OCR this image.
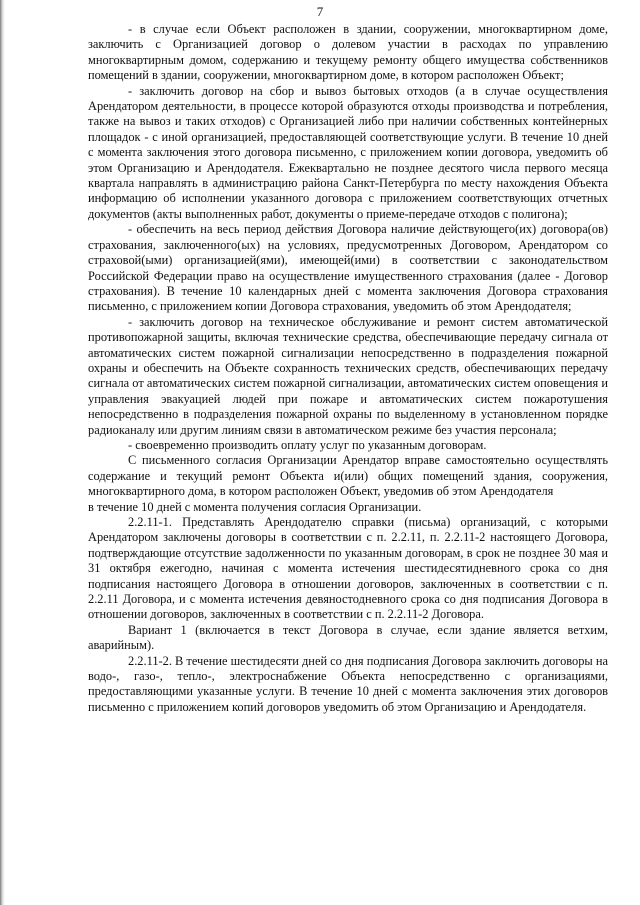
7

- в случае если Объект расположен в здании, сооружении, многоквартирном доме, заключить с Организацией договор о долевом участии в расходах по управлению многоквартирным домом, содержанию и текущему ремонту общего имущества собственников помещений в здании, сооружении, многоквартирном доме, в котором расположен Объект;

- заключить договор на сбор и вывоз бытовых отходов (а в случае осуществления Арендатором деятельности, в процессе которой образуются отходы производства и потребления, также на вывоз и таких отходов) с Организацией либо при наличии собственных контейнерных площадок - с иной организацией, предоставляющей соответствующие услуги. В течение 10 дней с момента заключения этого договора письменно, с приложением копии договора, уведомить об этом Организацию и Арендодателя. Ежеквартально не позднее десятого числа первого месяца квартала направлять в администрацию района Санкт-Петербурга по месту нахождения Объекта информацию об исполнении указанного договора с приложением соответствующих отчетных документов (акты выполненных работ, документы о приеме-передаче отходов с полигона);

- обеспечить на весь период действия Договора наличие действующего(их) договора(ов) страхования, заключенного(ых) на условиях, предусмотренных Договором, Арендатором со страховой(ыми) организацией(ями), имеющей(ими) в соответствии с законодательством Российской Федерации право на осуществление имущественного страхования (далее - Договор страхования). В течение 10 календарных дней с момента заключения Договора страхования письменно, с приложением копии Договора страхования, уведомить об этом Арендодателя;

- заключить договор на техническое обслуживание и ремонт систем автоматической противопожарной защиты, включая технические средства, обеспечивающие передачу сигнала от автоматических систем пожарной сигнализации непосредственно в подразделения пожарной охраны и обеспечить на Объекте сохранность технических средств, обеспечивающих передачу сигнала от автоматических систем пожарной сигнализации, автоматических систем оповещения и управления эвакуацией людей при пожаре и автоматических систем пожаротушения непосредственно в подразделения пожарной охраны по выделенному в установленном порядке радиоканалу или другим линиям связи в автоматическом режиме без участия персонала;

- своевременно производить оплату услуг по указанным договорам.

С письменного согласия Организации Арендатор вправе самостоятельно осуществлять содержание и текущий ремонт Объекта и(или) общих помещений здания, сооружения, многоквартирного дома, в котором расположен Объект, уведомив об этом Арендодателя

в течение 10 дней с момента получения согласия Организации.

2.2.11-1. Представлять Арендодателю справки (письма) организаций, с которыми Арендатором заключены договоры в соответствии с п. 2.2.11, п. 2.2.11-2 настоящего Договора, подтверждающие отсутствие задолженности по указанным договорам, в срок не позднее 30 мая и 31 октября ежегодно, начиная с момента истечения шестидесятидневного срока со дня подписания настоящего Договора в отношении договоров, заключенных в соответствии с п. 2.2.11 Договора, и с момента истечения девяностодневного срока со дня подписания Договора в отношении договоров, заключенных в соответствии с п. 2.2.11-2 Договора.

Вариант 1 (включается в текст Договора в случае, если здание является ветхим, аварийным).

2.2.11-2. В течение шестидесяти дней со дня подписания Договора заключить договоры на водо-, газо-, тепло-, электроснабжение Объекта непосредственно с организациями, предоставляющими указанные услуги. В течение 10 дней с момента заключения этих договоров письменно с приложением копий договоров уведомить об этом Организацию и Арендодателя.
